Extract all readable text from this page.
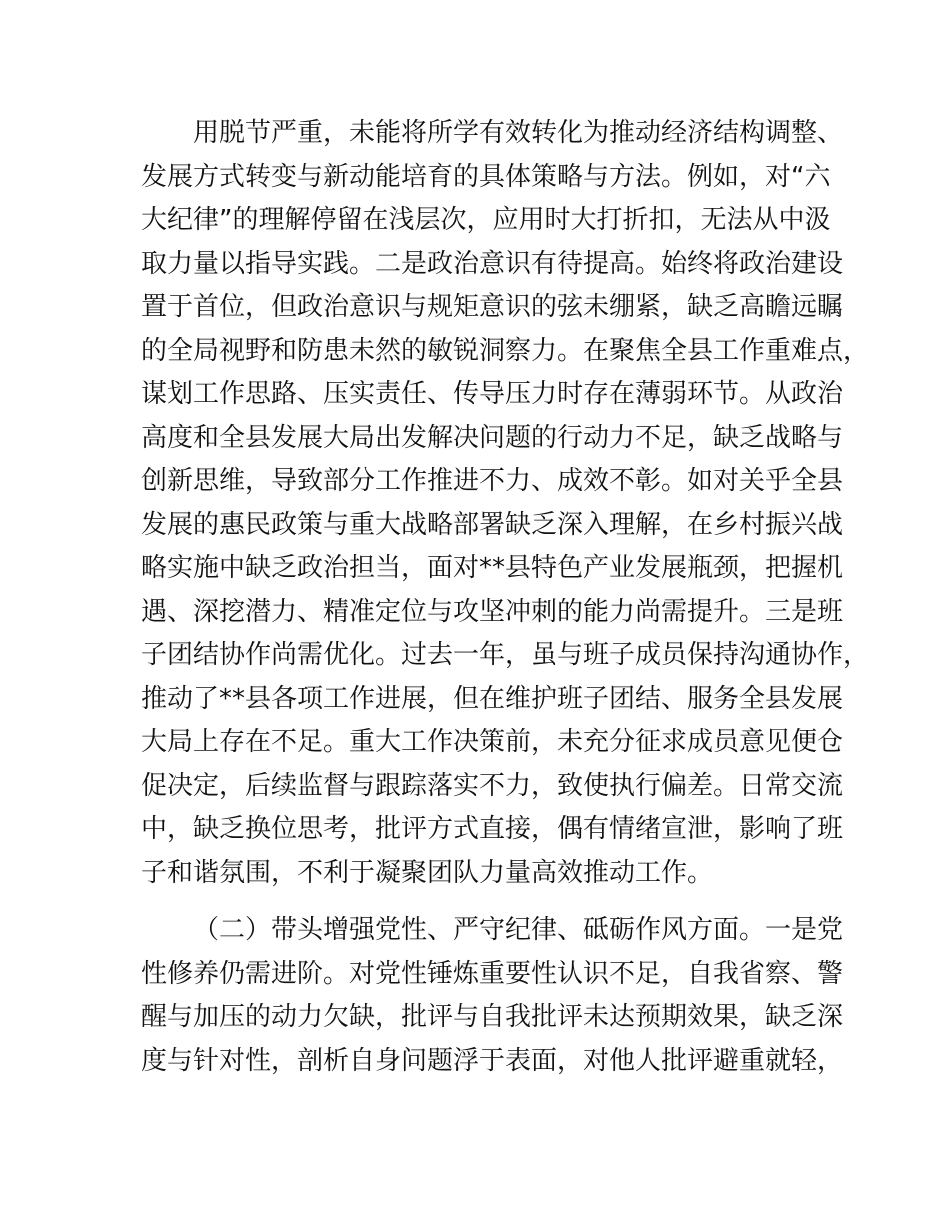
用脱节严重，未能将所学有效转化为推动经济结构调整、
发展方式转变与新动能培育的具体策略与方法。例如，对“六
大纪律”的理解停留在浅层次，应用时大打折扣，无法从中汲
取力量以指导实践。二是政治意识有待提高。始终将政治建设
置于首位，但政治意识与规矩意识的弦未绷紧，缺乏高瞻远瞩
的全局视野和防患未然的敏锐洞察力。在聚焦全县工作重难点，
谋划工作思路、压实责任、传导压力时存在薄弱环节。从政治
高度和全县发展大局出发解决问题的行动力不足，缺乏战略与
创新思维，导致部分工作推进不力、成效不彰。如对关乎全县
发展的惠民政策与重大战略部署缺乏深入理解，在乡村振兴战
略实施中缺乏政治担当，面对**县特色产业发展瓶颈，把握机
遇、深挖潜力、精准定位与攻坚冲刺的能力尚需提升。三是班
子团结协作尚需优化。过去一年，虽与班子成员保持沟通协作，
推动了**县各项工作进展，但在维护班子团结、服务全县发展
大局上存在不足。重大工作决策前，未充分征求成员意见便仓
促决定，后续监督与跟踪落实不力，致使执行偏差。日常交流
中，缺乏换位思考，批评方式直接，偶有情绪宣泄，影响了班
子和谐氛围，不利于凝聚团队力量高效推动工作。
（二）带头增强党性、严守纪律、砥砺作风方面。一是党
性修养仍需进阶。对党性锤炼重要性认识不足，自我省察、警
醒与加压的动力欠缺，批评与自我批评未达预期效果，缺乏深
度与针对性，剖析自身问题浮于表面，对他人批评避重就轻，
